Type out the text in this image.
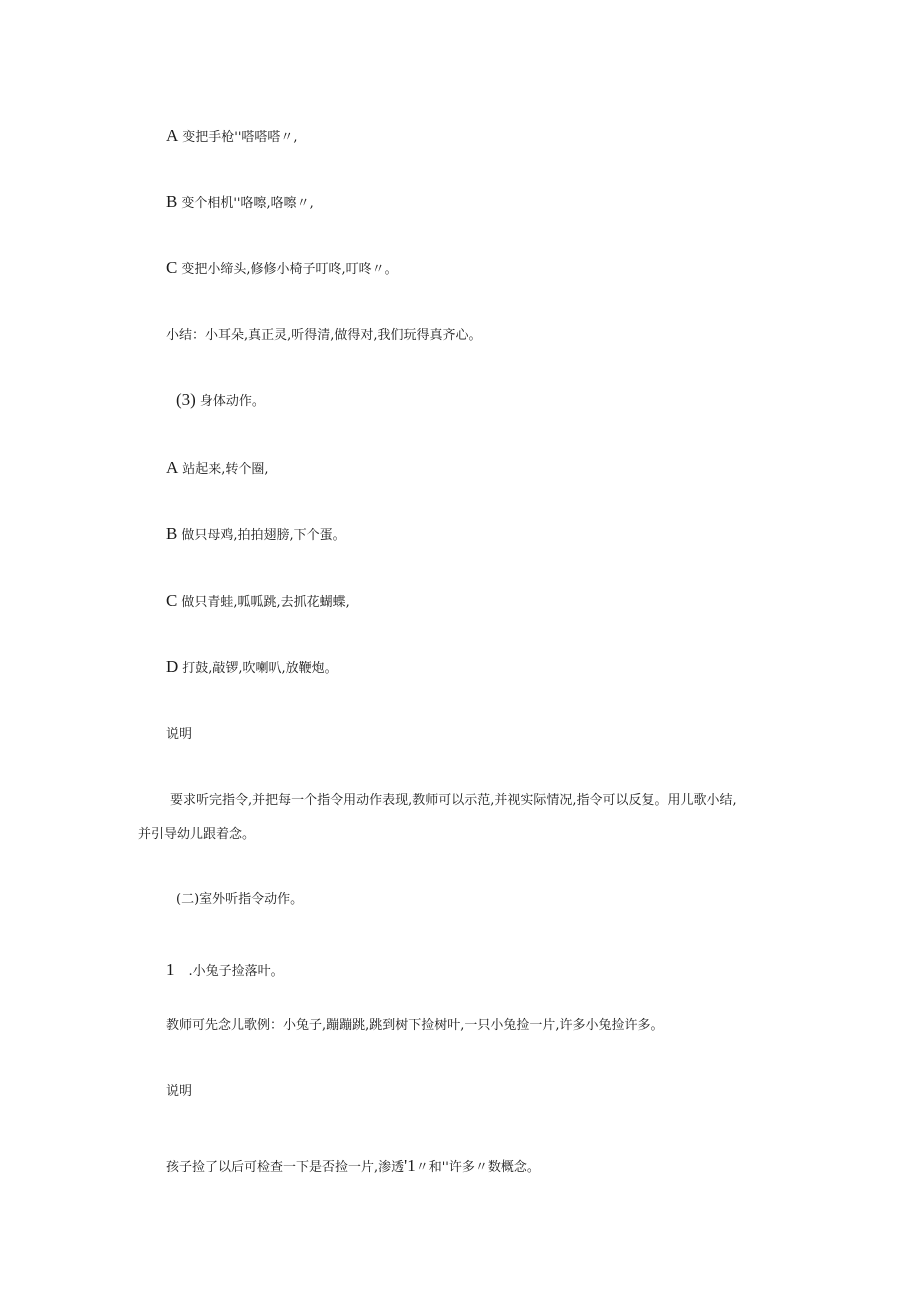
A 变把手枪''嗒嗒嗒〃,
B 变个相机''咯嚓,咯嚓〃,
C 变把小缔头,修修小椅子叮咚,叮咚〃。
小结：小耳朵,真正灵,听得清,做得对,我们玩得真齐心。
(3) 身体动作。
A 站起来,转个圈,
B 做只母鸡,拍拍翅膀,下个蛋。
C 做只青蛙,呱呱跳,去抓花蝴蝶,
D 打鼓,敲锣,吹喇叭,放鞭炮。
说明
要求听完指令,并把每一个指令用动作表现,教师可以示范,并视实际情况,指令可以反复。用儿歌小结,
并引导幼儿跟着念。
(二)室外听指令动作。
1 .小兔子捡落叶。
教师可先念儿歌例：小兔子,蹦蹦跳,跳到树下捡树叶,一只小兔捡一片,许多小兔捡许多。
说明
孩子捡了以后可检查一下是否捡一片,渗透'1〃和''许多〃数概念。
